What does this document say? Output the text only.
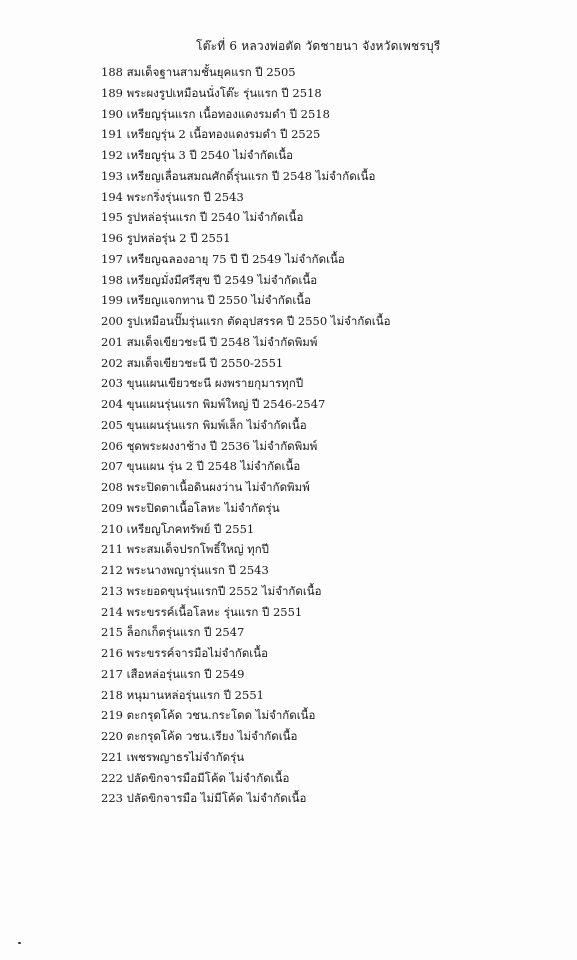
โต๊ะที่ 6 หลวงพ่อตัด วัดชายนา จังหวัดเพชรบุรี
188 สมเด็จฐานสามชั้นยุคแรก ปี 2505
189 พระผงรูปเหมือนนั่งโต๊ะ รุ่นแรก ปี 2518
190 เหรียญรุ่นแรก เนื้อทองแดงรมดำ ปี 2518
191 เหรียญรุ่น 2 เนื้อทองแดงรมดำ ปี 2525
192 เหรียญรุ่น 3 ปี 2540 ไม่จำกัดเนื้อ
193 เหรียญเลื่อนสมณศักดิ์รุ่นแรก ปี 2548 ไม่จำกัดเนื้อ
194 พระกริ่งรุ่นแรก ปี 2543
195 รูปหล่อรุ่นแรก ปี 2540 ไม่จำกัดเนื้อ
196 รูปหล่อรุ่น 2 ปี 2551
197 เหรียญฉลองอายุ 75 ปี ปี 2549 ไม่จำกัดเนื้อ
198 เหรียญมั่งมีศรีสุข ปี 2549 ไม่จำกัดเนื้อ
199 เหรียญแจกทาน ปี 2550 ไม่จำกัดเนื้อ
200 รูปเหมือนปั๊มรุ่นแรก ตัดอุปสรรค ปี 2550 ไม่จำกัดเนื้อ
201 สมเด็จเขียวชะนี ปี 2548 ไม่จำกัดพิมพ์
202 สมเด็จเขียวชะนี ปี 2550-2551
203 ขุนแผนเขียวชะนี ผงพรายกุมารทุกปี
204 ขุนแผนรุ่นแรก พิมพ์ใหญ่ ปี 2546-2547
205 ขุนแผนรุ่นแรก พิมพ์เล็ก ไม่จำกัดเนื้อ
206 ชุดพระผงงาช้าง ปี 2536 ไม่จำกัดพิมพ์
207 ขุนแผน รุ่น 2 ปี 2548 ไม่จำกัดเนื้อ
208 พระปิดตาเนื้อดินผงว่าน ไม่จำกัดพิมพ์
209 พระปิดตาเนื้อโลหะ ไม่จำกัดรุ่น
210 เหรียญโภคทรัพย์ ปี 2551
211 พระสมเด็จปรกโพธิ์ใหญ่ ทุกปี
212 พระนางพญารุ่นแรก ปี 2543
213 พระยอดขุนรุ่นแรกปี 2552 ไม่จำกัดเนื้อ
214 พระขรรค์เนื้อโลหะ รุ่นแรก ปี 2551
215 ล็อกเก็ตรุ่นแรก ปี 2547
216 พระขรรค์จารมือไม่จำกัดเนื้อ
217 เสือหล่อรุ่นแรก ปี 2549
218 หนุมานหล่อรุ่นแรก ปี 2551
219 ตะกรุดโค้ด วชน.กระโดด ไม่จำกัดเนื้อ
220 ตะกรุดโค้ด วชน.เรียง ไม่จำกัดเนื้อ
221 เพชรพญาธรไม่จำกัดรุ่น
222 ปลัดขิกจารมือมีโค้ด ไม่จำกัดเนื้อ
223 ปลัดขิกจารมือ ไม่มีโค้ด ไม่จำกัดเนื้อ
